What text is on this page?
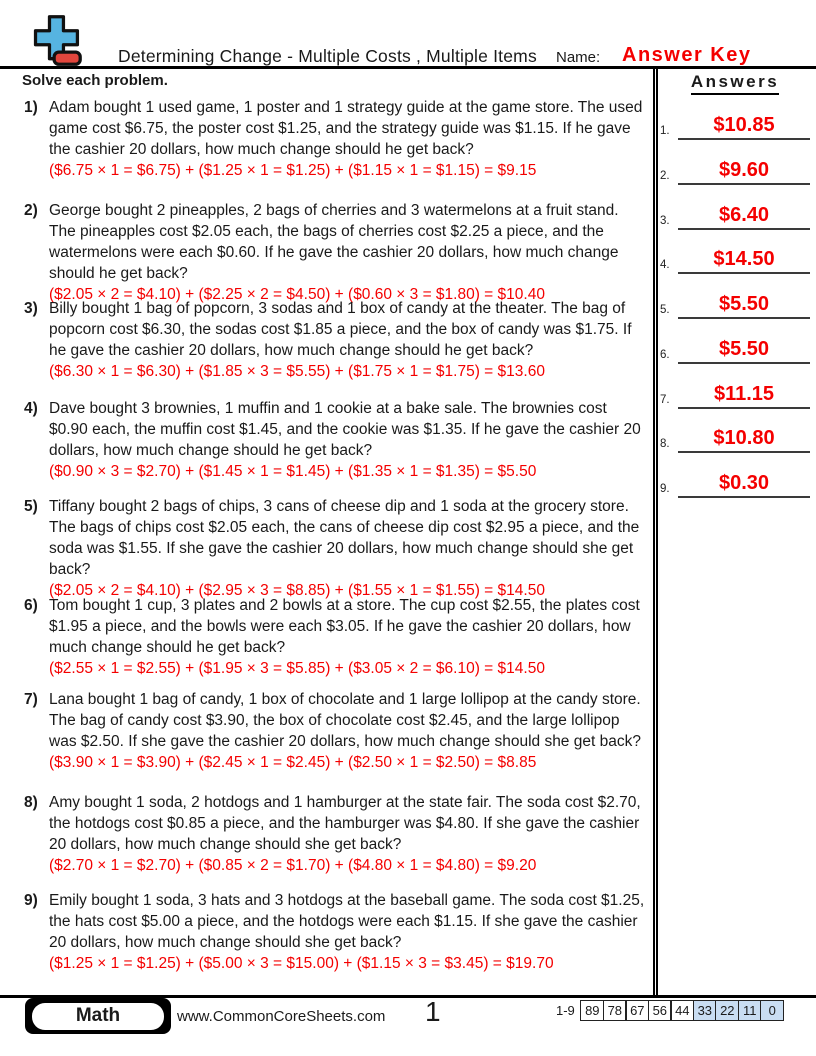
Determining Change - Multiple Costs , Multiple Items Name: Answer Key
Solve each problem.
1) Adam bought 1 used game, 1 poster and 1 strategy guide at the game store. The used game cost $6.75, the poster cost $1.25, and the strategy guide was $1.15. If he gave the cashier 20 dollars, how much change should he get back?
($6.75 × 1 = $6.75) + ($1.25 × 1 = $1.25) + ($1.15 × 1 = $1.15) = $9.15
2) George bought 2 pineapples, 2 bags of cherries and 3 watermelons at a fruit stand. The pineapples cost $2.05 each, the bags of cherries cost $2.25 a piece, and the watermelons were each $0.60. If he gave the cashier 20 dollars, how much change should he get back?
($2.05 × 2 = $4.10) + ($2.25 × 2 = $4.50) + ($0.60 × 3 = $1.80) = $10.40
3) Billy bought 1 bag of popcorn, 3 sodas and 1 box of candy at the theater. The bag of popcorn cost $6.30, the sodas cost $1.85 a piece, and the box of candy was $1.75. If he gave the cashier 20 dollars, how much change should he get back?
($6.30 × 1 = $6.30) + ($1.85 × 3 = $5.55) + ($1.75 × 1 = $1.75) = $13.60
4) Dave bought 3 brownies, 1 muffin and 1 cookie at a bake sale. The brownies cost $0.90 each, the muffin cost $1.45, and the cookie was $1.35. If he gave the cashier 20 dollars, how much change should he get back?
($0.90 × 3 = $2.70) + ($1.45 × 1 = $1.45) + ($1.35 × 1 = $1.35) = $5.50
5) Tiffany bought 2 bags of chips, 3 cans of cheese dip and 1 soda at the grocery store. The bags of chips cost $2.05 each, the cans of cheese dip cost $2.95 a piece, and the soda was $1.55. If she gave the cashier 20 dollars, how much change should she get back?
($2.05 × 2 = $4.10) + ($2.95 × 3 = $8.85) + ($1.55 × 1 = $1.55) = $14.50
6) Tom bought 1 cup, 3 plates and 2 bowls at a store. The cup cost $2.55, the plates cost $1.95 a piece, and the bowls were each $3.05. If he gave the cashier 20 dollars, how much change should he get back?
($2.55 × 1 = $2.55) + ($1.95 × 3 = $5.85) + ($3.05 × 2 = $6.10) = $14.50
7) Lana bought 1 bag of candy, 1 box of chocolate and 1 large lollipop at the candy store. The bag of candy cost $3.90, the box of chocolate cost $2.45, and the large lollipop was $2.50. If she gave the cashier 20 dollars, how much change should she get back?
($3.90 × 1 = $3.90) + ($2.45 × 1 = $2.45) + ($2.50 × 1 = $2.50) = $8.85
8) Amy bought 1 soda, 2 hotdogs and 1 hamburger at the state fair. The soda cost $2.70, the hotdogs cost $0.85 a piece, and the hamburger was $4.80. If she gave the cashier 20 dollars, how much change should she get back?
($2.70 × 1 = $2.70) + ($0.85 × 2 = $1.70) + ($4.80 × 1 = $4.80) = $9.20
9) Emily bought 1 soda, 3 hats and 3 hotdogs at the baseball game. The soda cost $1.25, the hats cost $5.00 a piece, and the hotdogs were each $1.15. If she gave the cashier 20 dollars, how much change should she get back?
($1.25 × 1 = $1.25) + ($5.00 × 3 = $15.00) + ($1.15 × 3 = $3.45) = $19.70
Answers
1.	$10.85
2.	$9.60
3.	$6.40
4.	$14.50
5.	$5.50
6.	$5.50
7.	$11.15
8.	$10.80
9.	$0.30
Math	www.CommonCoreSheets.com 1	1-9 89 78 67 56 44 33 22 11 0
